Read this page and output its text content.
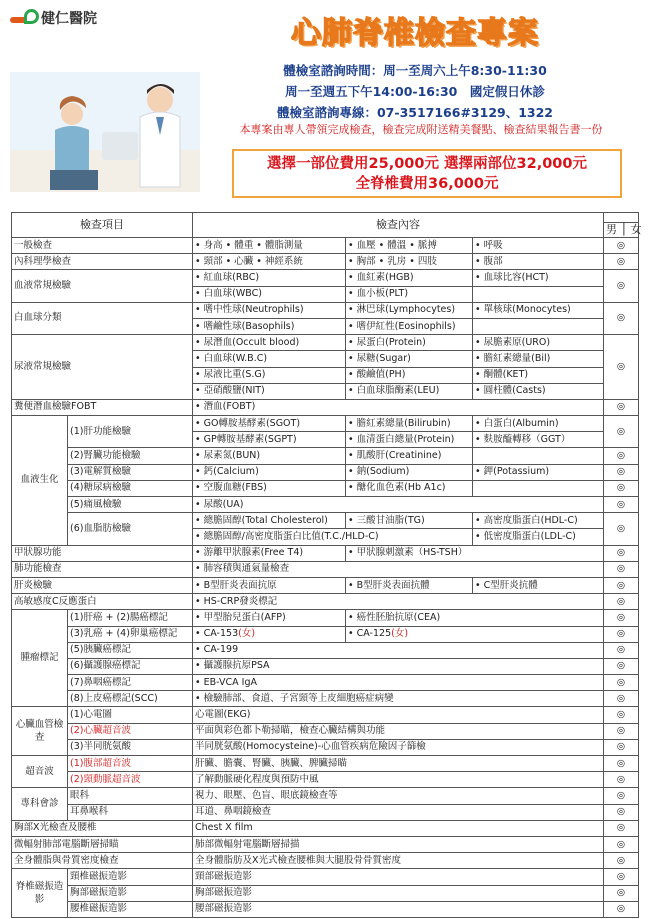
健仁醫院	心肺脊椎檢查專案
體檢室諮詢時間：周一至周六上午8:30-11:30
周一至週五下午14:00-16:30　國定假日休診
體檢室諮詢專線：07-3517166#3129、1322
本專案由專人帶領完成檢查，檢查完成附送精美餐點、檢查結果報告書一份
選擇一部位費用25,000元 選擇兩部位32,000元
全脊椎費用36,000元
檢查項目		檢查內容			
					男 │ 女
一般檢查		• 身高 • 體重 • 體脂測量	• 血壓 • 體溫 • 脈搏	• 呼吸	◎
內科理學檢查		• 頸部 • 心臟 • 神經系統	• 胸部 • 乳房 • 四肢	• 腹部	◎
血液常規檢驗		• 紅血球(RBC)	• 血紅素(HGB)	• 血球比容(HCT)	◎
		• 白血球(WBC)	• 血小板(PLT)	
白血球分類		• 嗜中性球(Neutrophils)	• 淋巴球(Lymphocytes)	• 單核球(Monocytes)	◎
		• 嗜鹼性球(Basophils)	• 嗜伊紅性(Eosinophils)	
尿液常規檢驗		• 尿潛血(Occult blood)	• 尿蛋白(Protein)	• 尿膽素原(URO)	◎
		• 白血球(W.B.C)	• 尿糖(Sugar)	• 膽紅素總量(Bil)
		• 尿液比重(S.G)	• 酸鹼值(PH)	• 酮體(KET)
		• 亞硝酸鹽(NIT)	• 白血球脂酶素(LEU)	• 圓柱體(Casts)
糞便潛血檢驗FOBT		• 潛血(FOBT)			◎
血液生化	(1)肝功能檢驗	• GO轉胺基酵素(SGOT)	• 膽紅素總量(Bilirubin)	• 白蛋白(Albumin)	◎
		• GP轉胺基酵素(SGPT)	• 血清蛋白總量(Protein)	• 麩胺醯轉移（GGT）
	(2)腎臟功能檢驗	• 尿素氮(BUN)	• 肌酸肝(Creatinine)		◎
	(3)電解質檢驗	• 鈣(Calcium)	• 鈉(Sodium)	• 鉀(Potassium)	◎
	(4)糖尿病檢驗	• 空腹血糖(FBS)	• 醣化血色素(Hb A1c)		◎
	(5)痛風檢驗	• 尿酸(UA)			◎
	(6)血脂肪檢驗	• 總膽固醇(Total Cholesterol)	• 三酸甘油脂(TG)	• 高密度脂蛋白(HDL-C)	◎
		• 總膽固醇/高密度脂蛋白比值(T.C./HLD-C)		• 低密度脂蛋白(LDL-C)
甲狀腺功能		• 游離甲狀腺素(Free T4)	• 甲狀腺刺激素（HS-TSH）		◎
肺功能檢查		• 肺容積與通氣量檢查			◎
肝炎檢驗		• B型肝炎表面抗原	• B型肝炎表面抗體	• C型肝炎抗體	◎
高敏感度C反應蛋白		• HS-CRP發炎標記			◎
腫瘤標記	(1)肝癌 + (2)腸癌標記	• 甲型胎兒蛋白(AFP)	• 癌性胚胎抗原(CEA)		◎
	(3)乳癌 + (4)卵巢癌標記	• CA-153(女)	• CA-125(女)		◎
	(5)胰臟癌標記	• CA-199			◎
	(6)攝護腺癌標記	• 攝護腺抗原PSA			◎
	(7)鼻咽癌標記	• EB-VCA IgA			◎
	(8)上皮癌標記(SCC)	• 檢驗肺部、食道、子宮頸等上皮細胞癌症病變			◎
心臟血管檢查	(1)心電圖	心電圖(EKG)			◎
	(2)心臟超音波	平面與彩色都卜勒掃瞄，檢查心臟結構與功能			◎
	(3)半同胱氨酸	半同胱氨酸(Homocysteine)-心血管疾病危險因子篩檢			◎
超音波	(1)腹部超音波	肝臟、膽囊、腎臟、胰臟、脾臟掃瞄			◎
	(2)頸動脈超音波	了解動脈硬化程度與預防中風			◎
專科會診	眼科	視力、眼壓、色盲、眼底鏡檢查等			◎
	耳鼻喉科	耳道、鼻咽鏡檢查			◎
胸部X光檢查及腰椎		Chest X film			◎
微輻射肺部電腦斷層掃瞄		肺部微輻射電腦斷層掃描			◎
全身體脂與骨質密度檢查		全身體脂肪及X光式檢查腰椎與大腿股骨骨質密度			◎
脊椎磁振造影	頸椎磁振造影	頸部磁振造影			◎
	胸部磁振造影	胸部磁振造影			◎
	腰椎磁振造影	腰部磁振造影			◎
